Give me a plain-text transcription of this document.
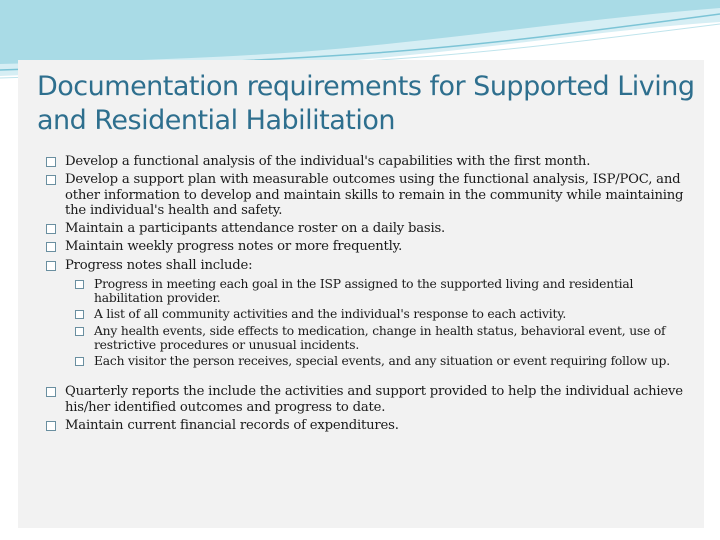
Documentation requirements for Supported Living and Residential Habilitation
Develop a functional analysis of the individual's capabilities with the first month.
Develop a support plan with measurable outcomes using the functional analysis, ISP/POC, and other information to develop and maintain skills to remain in the community while maintaining the individual's health and safety.
Maintain a participants attendance roster on a daily basis.
Maintain weekly progress notes or more frequently.
Progress notes shall include:
Progress in meeting each goal in the ISP assigned to the supported living and residential habilitation provider.
A list of all community activities and the individual's response to each activity.
Any health events, side effects to medication, change in health status, behavioral event, use of restrictive procedures or unusual incidents.
Each visitor the person receives, special events, and any situation or event requiring follow up.
Quarterly reports the include the activities and support provided to help the individual achieve his/her identified outcomes and progress to date.
Maintain current financial records of expenditures.
